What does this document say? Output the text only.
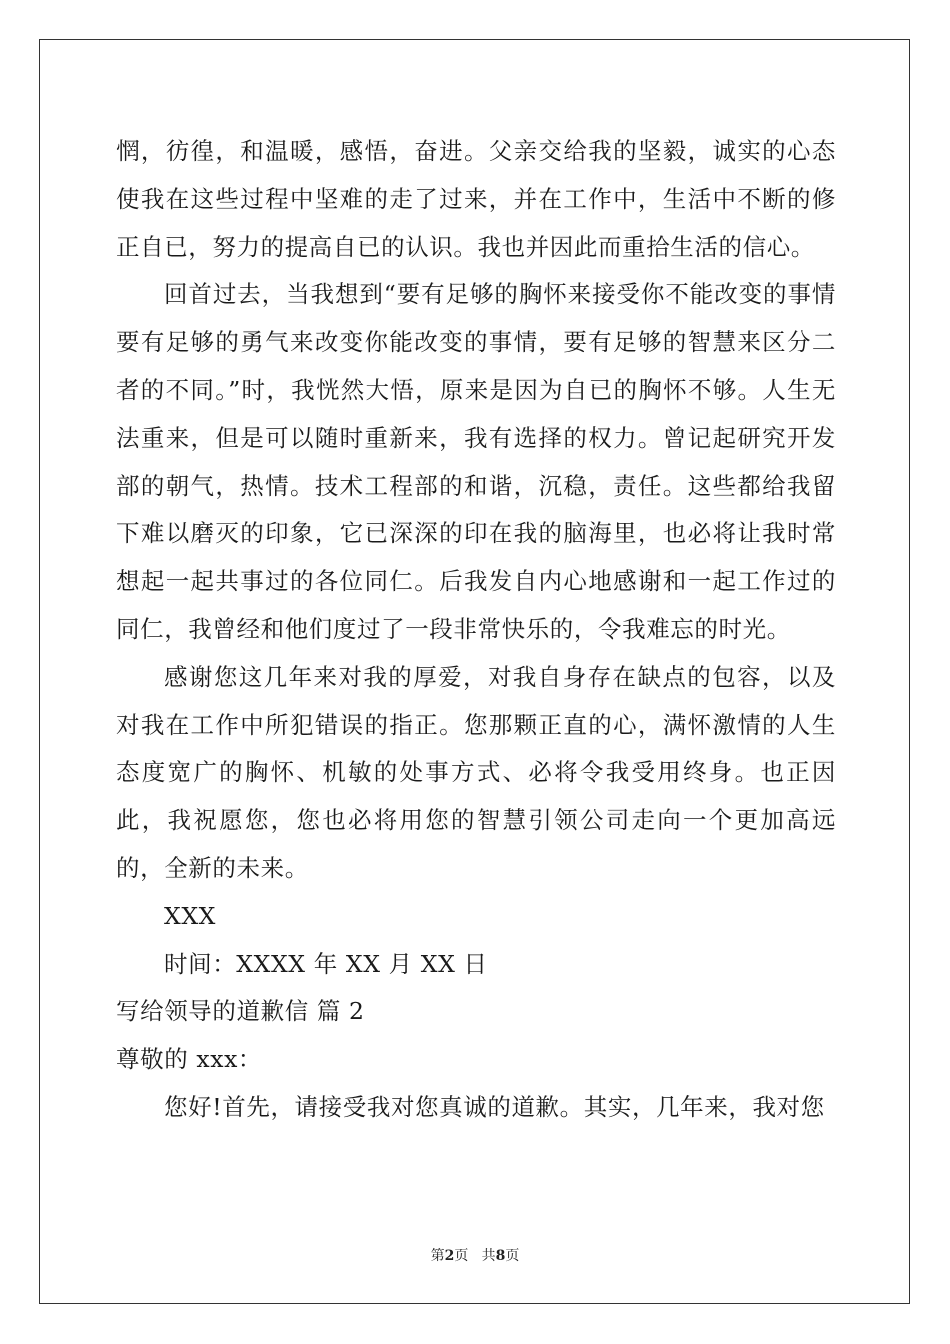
惘，彷徨，和温暖，感悟，奋进。父亲交给我的坚毅，诚实的心态使我在这些过程中坚难的走了过来，并在工作中，生活中不断的修正自已，努力的提高自已的认识。我也并因此而重拾生活的信心。

回首过去，当我想到“要有足够的胸怀来接受你不能改变的事情要有足够的勇气来改变你能改变的事情，要有足够的智慧来区分二者的不同。”时，我恍然大悟，原来是因为自已的胸怀不够。人生无法重来，但是可以随时重新来，我有选择的权力。曾记起研究开发部的朝气，热情。技术工程部的和谐，沉稳，责任。这些都给我留下难以磨灭的印象，它已深深的印在我的脑海里，也必将让我时常想起一起共事过的各位同仁。后我发自内心地感谢和一起工作过的同仁，我曾经和他们度过了一段非常快乐的，令我难忘的时光。

感谢您这几年来对我的厚爱，对我自身存在缺点的包容，以及对我在工作中所犯错误的指正。您那颗正直的心，满怀激情的人生态度宽广的胸怀、机敏的处事方式、必将令我受用终身。也正因此，我祝愿您，您也必将用您的智慧引领公司走向一个更加高远的，全新的未来。

XXX

时间：XXXX 年 XX 月 XX 日

写给领导的道歉信 篇 2

尊敬的 xxx：

您好!首先，请接受我对您真诚的道歉。其实，几年来，我对您

第2页 共8页
